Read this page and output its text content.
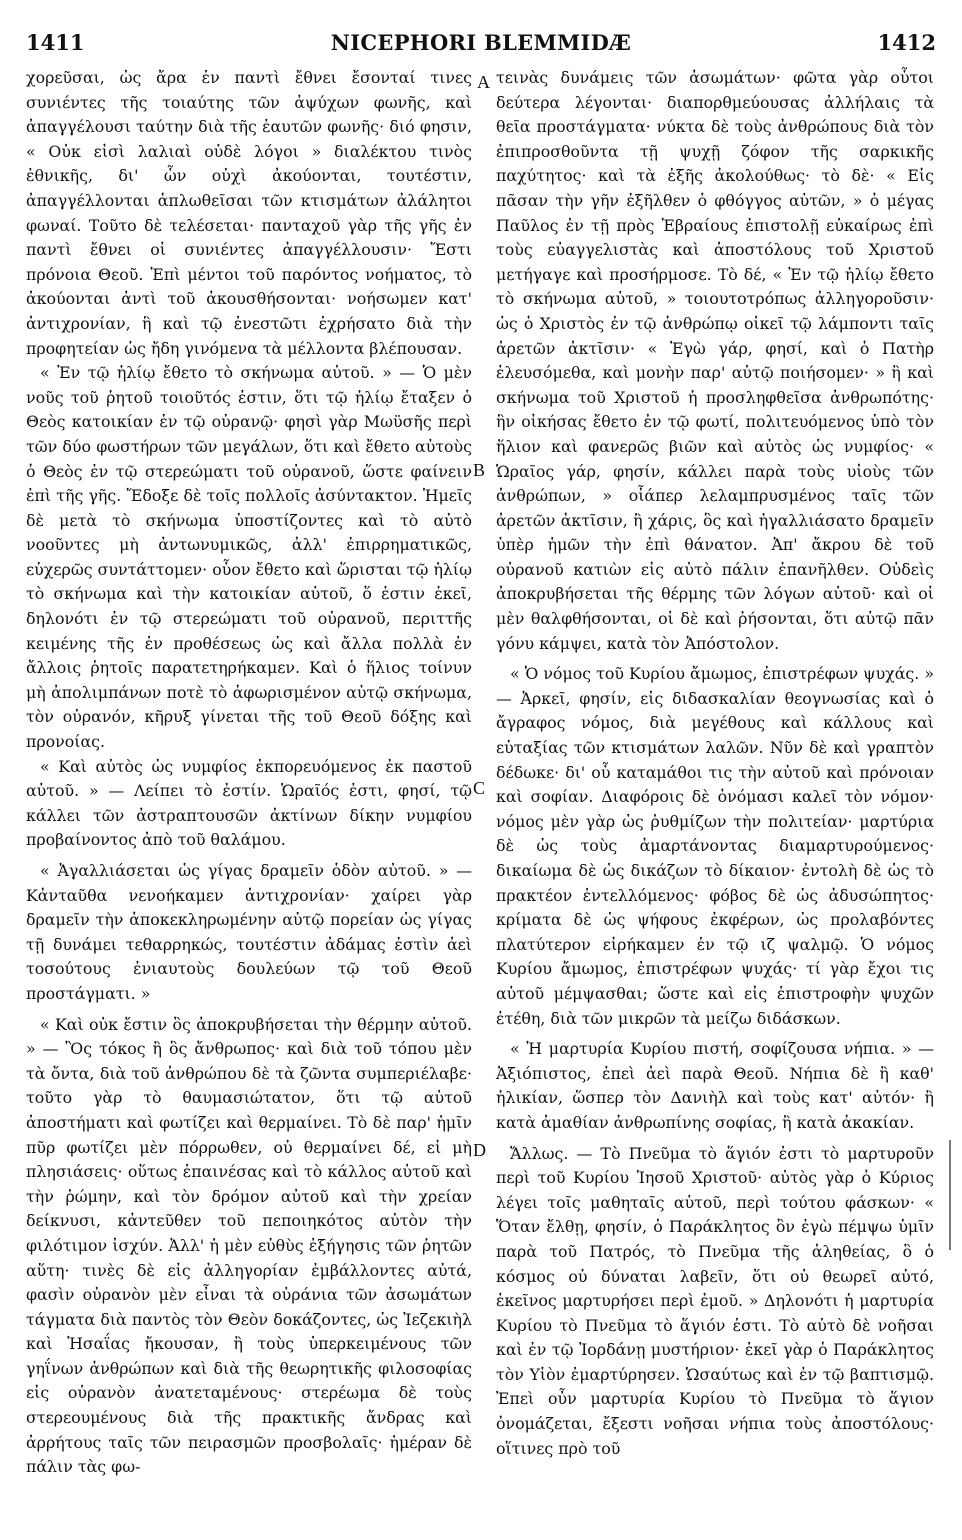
1411	NICEPHORI BLEMMIDÆ	1412

χορεῦσαι, ὡς ἄρα ἐν παντὶ ἔθνει ἔσονταί τινες συνιέντες τῆς τοιαύτης τῶν ἀψύχων φωνῆς, καὶ ἀπαγγέλουσι ταύτην διὰ τῆς ἑαυτῶν φωνῆς· διό φησιν, « Οὐκ εἰσὶ λαλιαὶ οὐδὲ λόγοι » διαλέκτου τινὸς ἐθνικῆς, δι' ὧν οὐχὶ ἀκούονται, τουτέστιν, ἀπαγγέλλονται ἁπλωθεῖσαι τῶν κτισμάτων ἀλάλητοι φωναί. Τοῦτο δὲ τελέσεται· πανταχοῦ γὰρ τῆς γῆς ἐν παντὶ ἔθνει οἱ συνιέντες ἀπαγγέλλουσιν· Ἔστι πρόνοια Θεοῦ. Ἐπὶ μέντοι τοῦ παρόντος νοήματος, τὸ ἀκούονται ἀντὶ τοῦ ἀκουσθήσονται· νοήσωμεν κατ' ἀντιχρονίαν, ἣ καὶ τῷ ἐνεστῶτι ἐχρήσατο διὰ τὴν προφητείαν ὡς ἤδη γινόμενα τὰ μέλλοντα βλέπουσαν.

« Ἐν τῷ ἡλίῳ ἔθετο τὸ σκήνωμα αὐτοῦ. » — Ὁ μὲν νοῦς τοῦ ῥητοῦ τοιοῦτός ἐστιν, ὅτι τῷ ἡλίῳ ἔταξεν ὁ Θεὸς κατοικίαν ἐν τῷ οὐρανῷ· φησὶ γὰρ Μωϋσῆς περὶ τῶν δύο φωστήρων τῶν μεγάλων, ὅτι καὶ ἔθετο αὐτοὺς ὁ Θεὸς ἐν τῷ στερεώματι τοῦ οὐρανοῦ, ὥστε φαίνειν ἐπὶ τῆς γῆς. Ἔδοξε δὲ τοῖς πολλοῖς ἀσύντακτον. Ἡμεῖς δὲ μετὰ τὸ σκήνωμα ὑποστίζοντες καὶ τὸ αὐτὸ νοοῦντες μὴ ἀντωνυμικῶς, ἀλλ' ἐπιρρηματικῶς, εὐχερῶς συντάττομεν· οὗον ἔθετο καὶ ὥρισται τῷ ἡλίῳ τὸ σκήνωμα καὶ τὴν κατοικίαν αὐτοῦ, ὅ ἐστιν ἐκεῖ, δηλονότι ἐν τῷ στερεώματι τοῦ οὐρανοῦ, περιττῆς κειμένης τῆς ἐν προθέσεως ὡς καὶ ἄλλα πολλὰ ἐν ἄλλοις ῥητοῖς παρατετηρήκαμεν. Καὶ ὁ ἥλιος τοίνυν μὴ ἀπολιμπάνων ποτὲ τὸ ἀφωρισμένον αὐτῷ σκήνωμα, τὸν οὐρανόν, κῆρυξ γίνεται τῆς τοῦ Θεοῦ δόξης καὶ προνοίας.

« Καὶ αὐτὸς ὡς νυμφίος ἐκπορευόμενος ἐκ παστοῦ αὐτοῦ. » — Λείπει τὸ ἐστίν. Ὡραῖός ἐστι, φησί, τῷ κάλλει τῶν ἀστραπτουσῶν ἀκτίνων δίκην νυμφίου προβαίνοντος ἀπὸ τοῦ θαλάμου.

« Ἀγαλλιάσεται ὡς γίγας δραμεῖν ὁδὸν αὐτοῦ. » — Κἀνταῦθα νενοήκαμεν ἀντιχρονίαν· χαίρει γὰρ δραμεῖν τὴν ἀποκεκληρωμένην αὐτῷ πορείαν ὡς γίγας τῇ δυνάμει τεθαρρηκώς, τουτέστιν ἀδάμας ἐστὶν ἀεὶ τοσούτους ἐνιαυτοὺς δουλεύων τῷ τοῦ Θεοῦ προστάγματι. »

« Καὶ οὐκ ἔστιν ὃς ἀποκρυβήσεται τὴν θέρμην αὐτοῦ. » — Ὃς τόκος ἢ ὃς ἄνθρωπος· καὶ διὰ τοῦ τόπου μὲν τὰ ὄντα, διὰ τοῦ ἀνθρώπου δὲ τὰ ζῶντα συμπεριέλαβε· τοῦτο γὰρ τὸ θαυμασιώτατον, ὅτι τῷ αὐτοῦ ἀποστήματι καὶ φωτίζει καὶ θερμαίνει. Τὸ δὲ παρ' ἡμῖν πῦρ φωτίζει μὲν πόρρωθεν, οὐ θερμαίνει δέ, εἰ μὴ πλησιάσεις· οὕτως ἐπαινέσας καὶ τὸ κάλλος αὐτοῦ καὶ τὴν ῥώμην, καὶ τὸν δρόμον αὐτοῦ καὶ τὴν χρείαν δείκνυσι, κἀντεῦθεν τοῦ πεποιηκότος αὐτὸν τὴν φιλότιμον ἰσχύν. Ἀλλ' ἡ μὲν εὐθὺς ἐξήγησις τῶν ῥητῶν αὕτη· τινὲς δὲ εἰς ἀλληγορίαν ἐμβάλλοντες αὐτά, φασὶν οὐρανὸν μὲν εἶναι τὰ οὐράνια τῶν ἀσωμάτων τάγματα διὰ παντὸς τὸν Θεὸν δοκάζοντες, ὡς Ἰεζεκιὴλ καὶ Ἡσαΐας ἤκουσαν, ἢ τοὺς ὑπερκειμένους τῶν γηΐνων ἀνθρώπων καὶ διὰ τῆς θεωρητικῆς φιλοσοφίας εἰς οὐρανὸν ἀνατεταμένους· στερέωμα δὲ τοὺς στερεουμένους διὰ τῆς πρακτικῆς ἄνδρας καὶ ἀρρήτους ταῖς τῶν πειρασμῶν προσβολαῖς· ἡμέραν δὲ πάλιν τὰς φω-

A
B
C
D

τεινὰς δυνάμεις τῶν ἀσωμάτων· φῶτα γὰρ οὗτοι δεύτερα λέγονται· διαπορθμεύουσας ἀλλήλαις τὰ θεῖα προστάγματα· νύκτα δὲ τοὺς ἀνθρώπους διὰ τὸν ἐπιπροσθοῦντα τῇ ψυχῇ ζόφον τῆς σαρκικῆς παχύτητος· καὶ τὰ ἐξῆς ἀκολούθως· τὸ δὲ· « Εἰς πᾶσαν τὴν γῆν ἐξῆλθεν ὁ φθόγγος αὐτῶν, » ὁ μέγας Παῦλος ἐν τῇ πρὸς Ἑβραίους ἐπιστολῇ εὐκαίρως ἐπὶ τοὺς εὐαγγελιστὰς καὶ ἀποστόλους τοῦ Χριστοῦ μετήγαγε καὶ προσήρμοσε. Τὸ δέ, « Ἐν τῷ ἡλίῳ ἔθετο τὸ σκήνωμα αὐτοῦ, » τοιουτοτρόπως ἀλληγοροῦσιν· ὡς ὁ Χριστὸς ἐν τῷ ἀνθρώπῳ οἰκεῖ τῷ λάμποντι ταῖς ἀρετῶν ἀκτῖσιν· « Ἐγὼ γάρ, φησί, καὶ ὁ Πατὴρ ἐλευσόμεθα, καὶ μονὴν παρ' αὐτῷ ποιήσομεν· » ἢ καὶ σκήνωμα τοῦ Χριστοῦ ἡ προσληφθεῖσα ἀνθρωπότης· ἣν οἰκήσας ἔθετο ἐν τῷ φωτί, πολιτευόμενος ὑπὸ τὸν ἥλιον καὶ φανερῶς βιῶν καὶ αὐτὸς ὡς νυμφίος· « Ὡραῖος γάρ, φησίν, κάλλει παρὰ τοὺς υἱοὺς τῶν ἀνθρώπων, » οἷάπερ λελαμπρυσμένος ταῖς τῶν ἀρετῶν ἀκτῖσιν, ἢ χάρις, ὃς καὶ ἠγαλλιάσατο δραμεῖν ὑπὲρ ἡμῶν τὴν ἐπὶ θάνατον. Ἀπ' ἄκρου δὲ τοῦ οὐρανοῦ κατιὼν εἰς αὐτὸ πάλιν ἐπανῆλθεν. Οὐδεὶς ἀποκρυβήσεται τῆς θέρμης τῶν λόγων αὐτοῦ· καὶ οἱ μὲν θαλφθήσονται, οἱ δὲ καὶ ῥήσονται, ὅτι αὐτῷ πᾶν γόνυ κάμψει, κατὰ τὸν Ἀπόστολον.

« Ὁ νόμος τοῦ Κυρίου ἄμωμος, ἐπιστρέφων ψυχάς. » — Ἀρκεῖ, φησίν, εἰς διδασκαλίαν θεογνωσίας καὶ ὁ ἄγραφος νόμος, διὰ μεγέθους καὶ κάλλους καὶ εὐταξίας τῶν κτισμάτων λαλῶν. Νῦν δὲ καὶ γραπτὸν δέδωκε· δι' οὗ καταμάθοι τις τὴν αὐτοῦ καὶ πρόνοιαν καὶ σοφίαν. Διαφόροις δὲ ὀνόμασι καλεῖ τὸν νόμον· νόμος μὲν γὰρ ὡς ῥυθμίζων τὴν πολιτείαν· μαρτύρια δὲ ὡς τοὺς ἁμαρτάνοντας διαμαρτυρούμενος· δικαίωμα δὲ ὡς δικάζων τὸ δίκαιον· ἐντολὴ δὲ ὡς τὸ πρακτέον ἐντελλόμενος· φόβος δὲ ὡς ἀδυσώπητος· κρίματα δὲ ὡς ψήφους ἐκφέρων, ὡς προλαβόντες πλατύτερον εἰρήκαμεν ἐν τῷ ιζ ψαλμῷ. Ὁ νόμος Κυρίου ἄμωμος, ἐπιστρέφων ψυχάς· τί γὰρ ἔχοι τις αὐτοῦ μέμψασθαι; ὥστε καὶ εἰς ἐπιστροφὴν ψυχῶν ἐτέθη, διὰ τῶν μικρῶν τὰ μείζω διδάσκων.

« Ἡ μαρτυρία Κυρίου πιστή, σοφίζουσα νήπια. » — Ἀξιόπιστος, ἐπεὶ ἀεὶ παρὰ Θεοῦ. Νήπια δὲ ἢ καθ' ἡλικίαν, ὥσπερ τὸν Δανιὴλ καὶ τοὺς κατ' αὐτόν· ἢ κατὰ ἀμαθίαν ἀνθρωπίνης σοφίας, ἢ κατὰ ἀκακίαν.

Ἄλλως. — Τὸ Πνεῦμα τὸ ἅγιόν ἐστι τὸ μαρτυροῦν περὶ τοῦ Κυρίου Ἰησοῦ Χριστοῦ· αὐτὸς γὰρ ὁ Κύριος λέγει τοῖς μαθηταῖς αὐτοῦ, περὶ τούτου φάσκων· « Ὅταν ἔλθῃ, φησίν, ὁ Παράκλητος ὃν ἐγὼ πέμψω ὑμῖν παρὰ τοῦ Πατρός, τὸ Πνεῦμα τῆς ἀληθείας, ὃ ὁ κόσμος οὐ δύναται λαβεῖν, ὅτι οὐ θεωρεῖ αὐτό, ἐκεῖνος μαρτυρήσει περὶ ἐμοῦ. » Δηλονότι ἡ μαρτυρία Κυρίου τὸ Πνεῦμα τὸ ἅγιόν ἐστι. Τὸ αὐτὸ δὲ νοῆσαι καὶ ἐν τῷ Ἰορδάνῃ μυστήριον· ἐκεῖ γὰρ ὁ Παράκλητος τὸν Υἱὸν ἐμαρτύρησεν. Ὡσαύτως καὶ ἐν τῷ βαπτισμῷ. Ἐπεὶ οὖν μαρτυρία Κυρίου τὸ Πνεῦμα τὸ ἅγιον ὀνομάζεται, ἔξεστι νοῆσαι νήπια τοὺς ἀποστόλους· οἵτινες πρὸ τοῦ
